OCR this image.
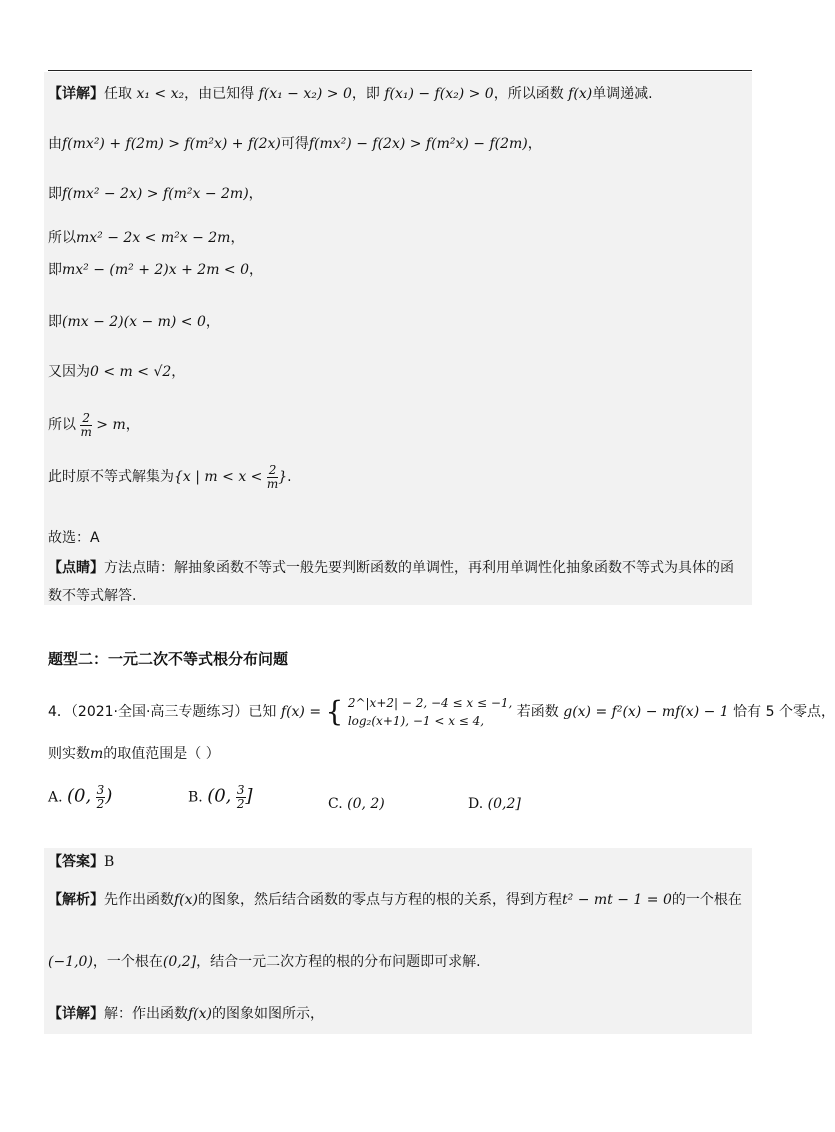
【详解】任取 x₁ < x₂，由已知得 f(x₁ − x₂) > 0，即 f(x₁) − f(x₂) > 0，所以函数 f(x)单调递减.
由f(mx²) + f(2m) > f(m²x) + f(2x)可得f(mx²) − f(2x) > f(m²x) − f(2m)，
即f(mx² − 2x) > f(m²x − 2m)，
所以mx² − 2x < m²x − 2m，
即mx² − (m² + 2)x + 2m < 0，
即(mx − 2)(x − m) < 0，
又因为0 < m < √2，
所以 $\frac{2}{m} > m$，
此时原不等式解集为{x | $m < x < \frac{2}{m}$ }.
故选：A
【点睛】方法点睛：解抽象函数不等式一般先要判断函数的单调性，再利用单调性化抽象函数不等式为具体的函
数不等式解答.
题型二：一元二次不等式根分布问题
4．（2021·全国·高三专题练习）已知 f(x) = { 2^|x+2| − 2, −4 ≤ x ≤ −1,
log₂(x+1), −1 < x ≤ 4,
若函数 g(x) = f²(x) − mf(x) − 1 恰有 5 个零点，
则实数m的取值范围是（ ）
A. (0, $\frac{3}{2}$ )	B. (0, $\frac{3}{2}$ ]	C. (0, 2)	D. (0,2]
【答案】B
【解析】先作出函数f(x)的图象，然后结合函数的零点与方程的根的关系，得到方程t² − mt − 1 = 0的一个根在
(−1,0)，一个根在(0,2]，结合一元二次方程的根的分布问题即可求解.
【详解】解：作出函数f(x)的图象如图所示，
